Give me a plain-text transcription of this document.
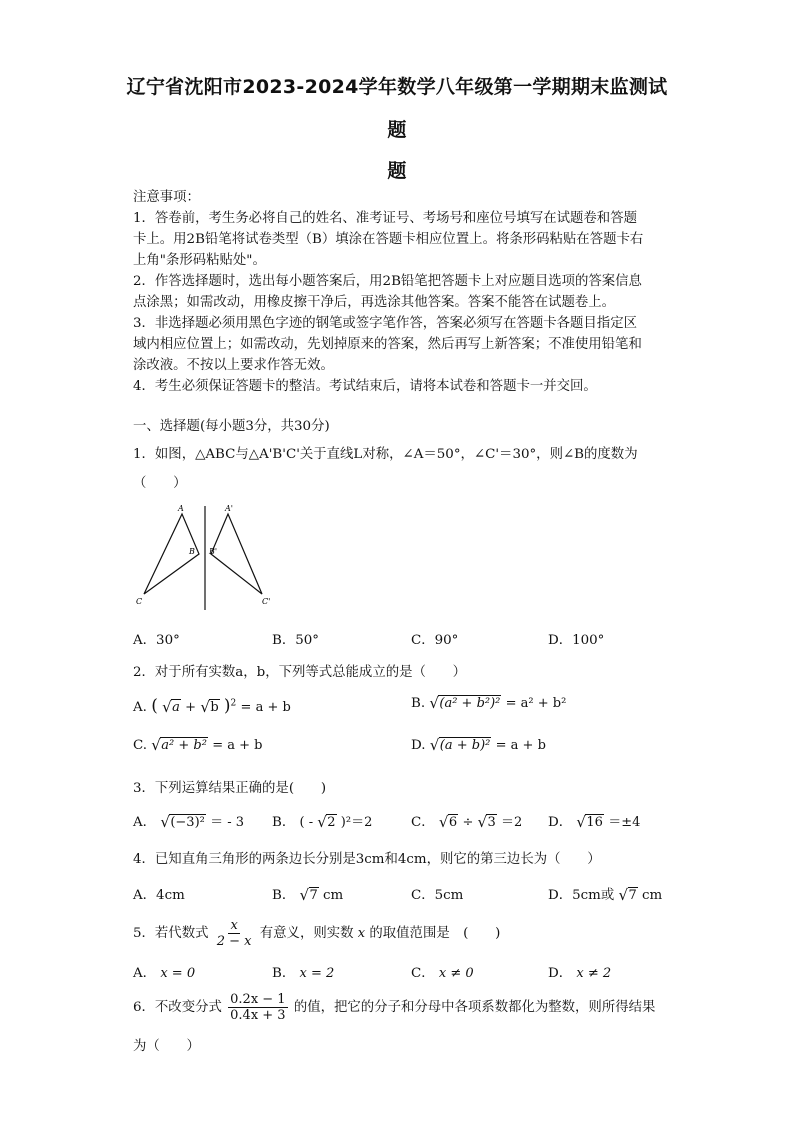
辽宁省沈阳市2023-2024学年数学八年级第一学期期末监测试
题
题
注意事项：
1．答卷前，考生务必将自己的姓名、准考证号、考场号和座位号填写在试题卷和答题
卡上。用2B铅笔将试卷类型（B）填涂在答题卡相应位置上。将条形码粘贴在答题卡右
上角"条形码粘贴处"。
2．作答选择题时，选出每小题答案后，用2B铅笔把答题卡上对应题目选项的答案信息
点涂黑；如需改动，用橡皮擦干净后，再选涂其他答案。答案不能答在试题卷上。
3．非选择题必须用黑色字迹的钢笔或签字笔作答，答案必须写在答题卡各题目指定区
域内相应位置上；如需改动，先划掉原来的答案，然后再写上新答案；不准使用铅笔和
涂改液。不按以上要求作答无效。
4．考生必须保证答题卡的整洁。考试结束后，请将本试卷和答题卡一并交回。
一、选择题(每小题3分，共30分)
1．如图，△ABC与△A'B'C'关于直线L对称，∠A＝50°，∠C'＝30°，则∠B的度数为
（　　）
A
B
C
A'
B'
C'
A．30°	B．50°	C．90°	D．100°
2．对于所有实数a，b，下列等式总能成立的是（　　）
A. ( √ a + √ b )$^2$ = a + b	B. √ (a² + b²)² = a² + b²
C. √ a² + b² = a + b	D. √ (a + b)² = a + b
3．下列运算结果正确的是(　　)
A． √ (−3)² ＝ - 3 B． ( - √ 2 )²＝2	C． √ 6 ÷ √ 3 ＝2 D． √ 16 ＝±4
4．已知直角三角形的两条边长分别是3cm和4cm，则它的第三边长为（　　）
A．4cm	B． √ 7 cm	C．5cm	D．5cm或 √ 7 cm
5．若代数式 $\frac{x}{2 - x}$ 有意义，则实数 x 的取值范围是　(　　)
A． x = 0	B． x = 2	C． x ≠ 0	D． x ≠ 2
6．不改变分式 $\frac{0.2x - 1}{0.4x + 3}$ 的值，把它的分子和分母中各项系数都化为整数，则所得结果
为（　　）
